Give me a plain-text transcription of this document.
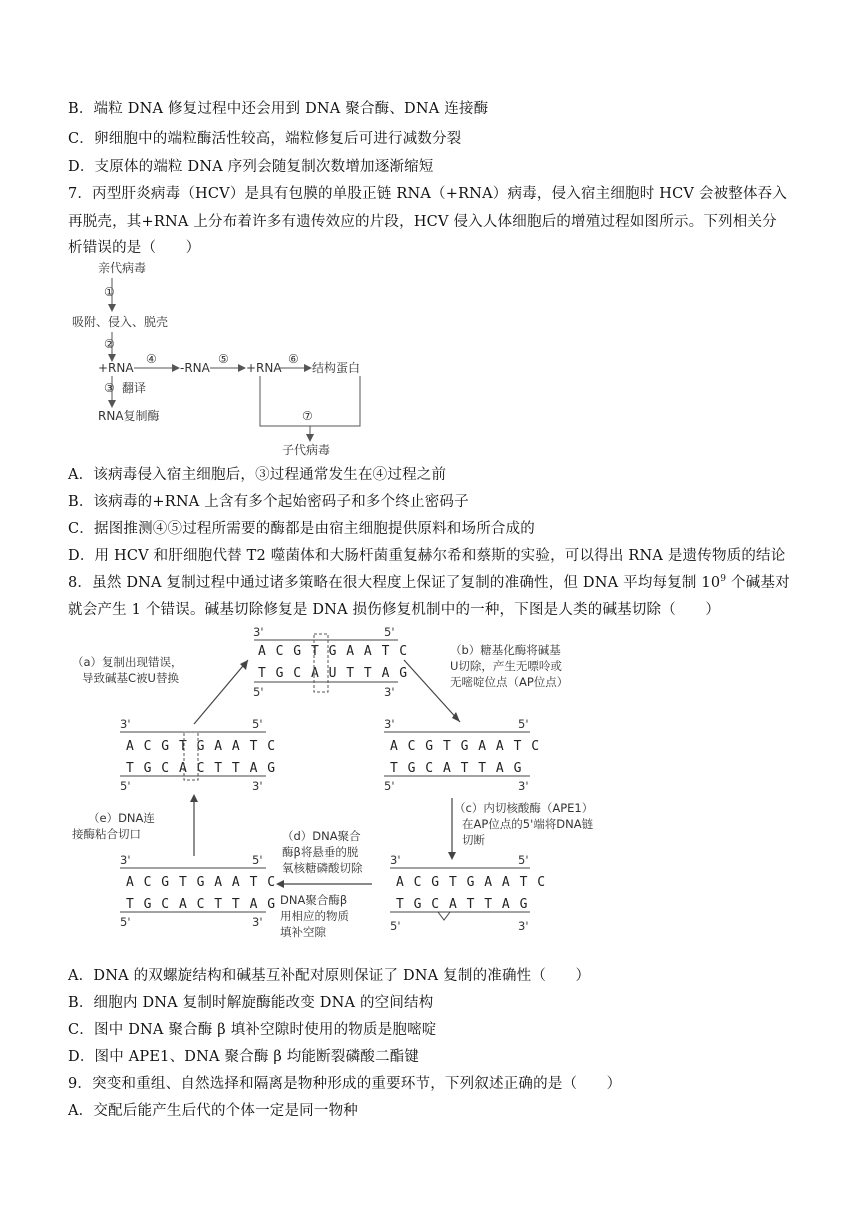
B．端粒 DNA 修复过程中还会用到 DNA 聚合酶、DNA 连接酶
C．卵细胞中的端粒酶活性较高，端粒修复后可进行减数分裂
D．支原体的端粒 DNA 序列会随复制次数增加逐渐缩短
7．丙型肝炎病毒（HCV）是具有包膜的单股正链 RNA（+RNA）病毒，侵入宿主细胞时 HCV 会被整体吞入
再脱壳，其+RNA 上分布着许多有遗传效应的片段，HCV 侵入人体细胞后的增殖过程如图所示。下列相关分
析错误的是（　　）
亲代病毒
①
吸附、侵入、脱壳
②
+RNA
④
-RNA
⑤
+RNA
⑥
结构蛋白
③ 翻译
RNA复制酶	⑦
子代病毒
A．该病毒侵入宿主细胞后，③过程通常发生在④过程之前
B．该病毒的+RNA 上含有多个起始密码子和多个终止密码子
C．据图推测④⑤过程所需要的酶都是由宿主细胞提供原料和场所合成的
D．用 HCV 和肝细胞代替 T2 噬菌体和大肠杆菌重复赫尔希和蔡斯的实验，可以得出 RNA 是遗传物质的结论
8．虽然 DNA 复制过程中通过诸多策略在很大程度上保证了复制的准确性，但 DNA 平均每复制 $10^9$ 个碱基对
就会产生 1 个错误。碱基切除修复是 DNA 损伤修复机制中的一种，下图是人类的碱基切除（　　）
3'	5'
A C G T G A A T C
T G C A U T T A G
5'	3'
（a）复制出现错误，
导致碱基C被U替换
（b）糖基化酶将碱基
U切除，产生无嘌呤或
无嘧啶位点（AP位点）
3'	5'
A C G T G A A T C
T G C A C T T A G
5'	3'
3'	5'
A C G T G A A T C
T G C A T T A G
5'	3'
（e）DNA连
接酶粘合切口
（c）内切核酸酶（APE1）
在AP位点的5'端将DNA链
切断
（d）DNA聚合
酶β将悬垂的脱
氧核糖磷酸切除
DNA聚合酶β
用相应的物质
填补空隙
3'	5'
A C G T G A A T C
T G C A C T T A G
5'	3'
3'	5'
A C G T G A A T C
T G C A T T A G
5'	3'
A．DNA 的双螺旋结构和碱基互补配对原则保证了 DNA 复制的准确性（　　）
B．细胞内 DNA 复制时解旋酶能改变 DNA 的空间结构
C．图中 DNA 聚合酶 β 填补空隙时使用的物质是胞嘧啶
D．图中 APE1、DNA 聚合酶 β 均能断裂磷酸二酯键
9．突变和重组、自然选择和隔离是物种形成的重要环节，下列叙述正确的是（　　）
A．交配后能产生后代的个体一定是同一物种
